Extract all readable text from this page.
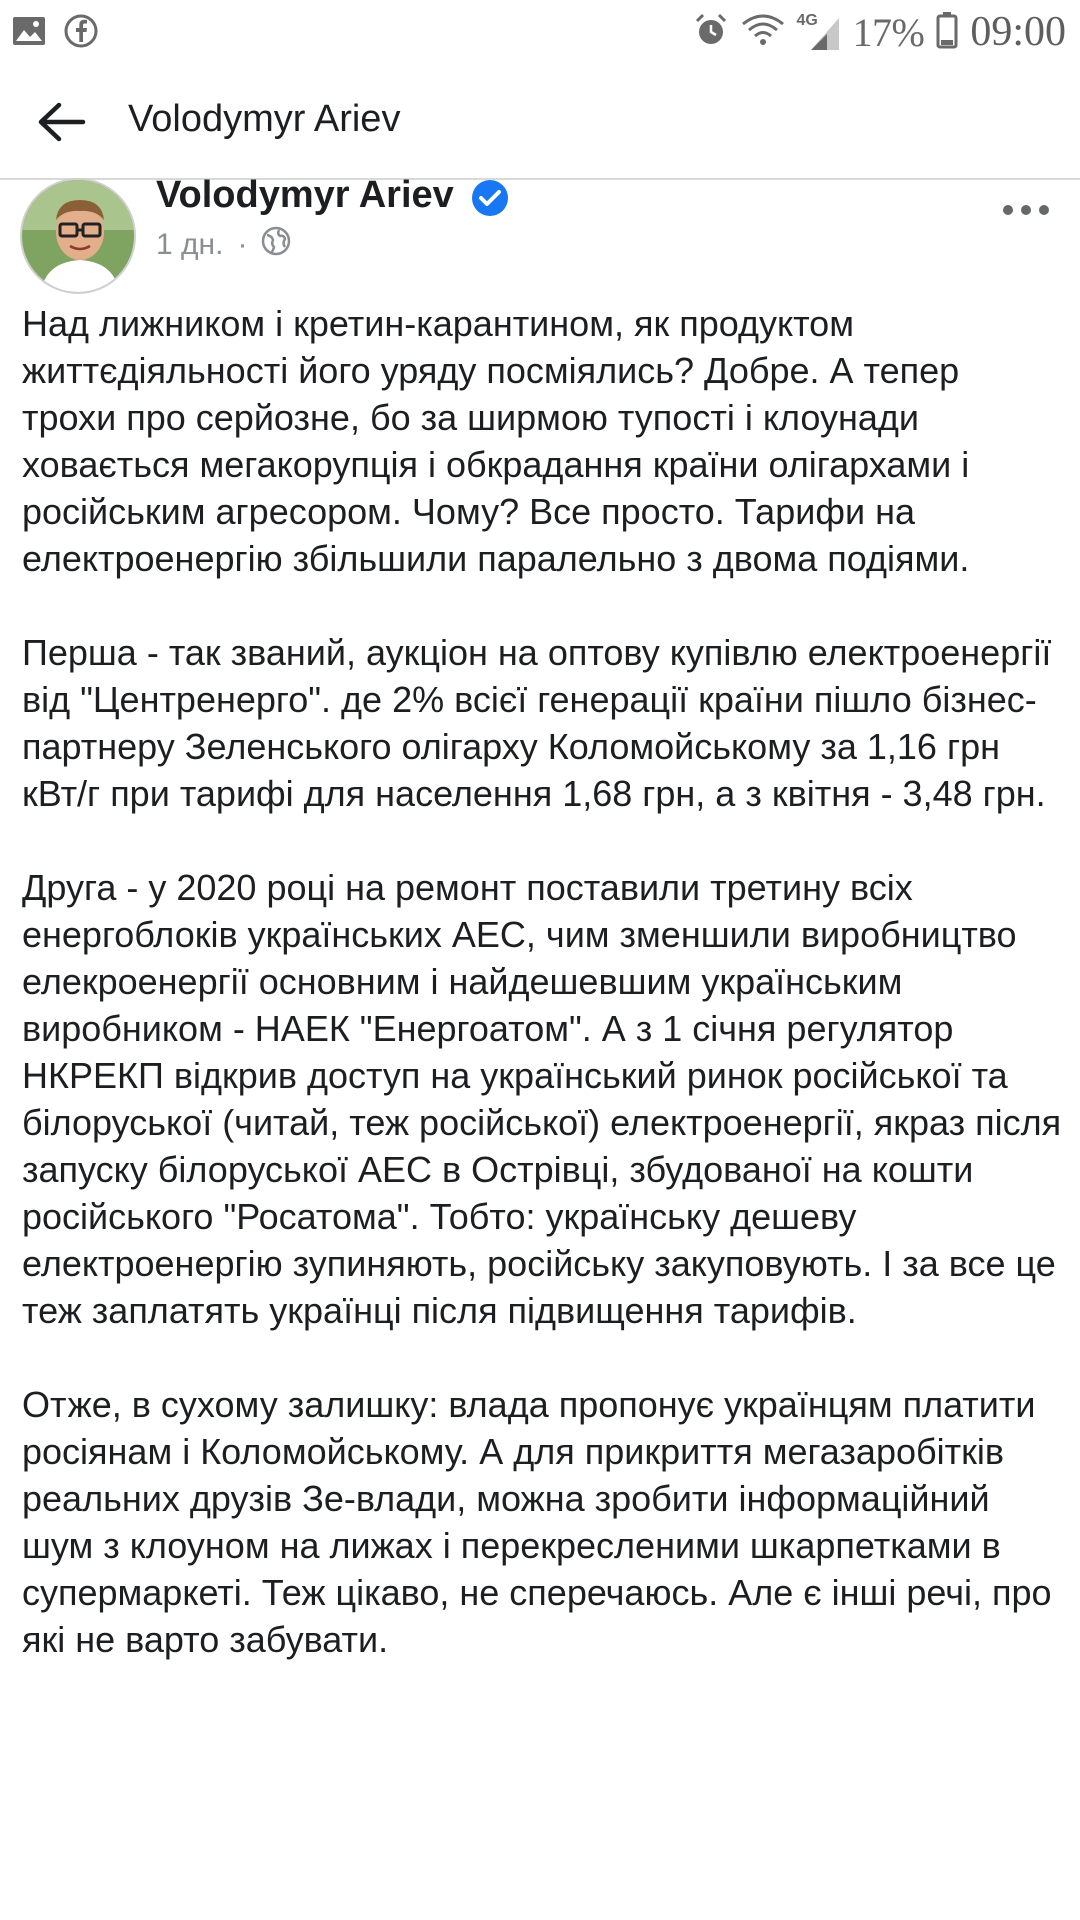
4G 17% 09:00
Volodymyr Ariev
Volodymyr Ariev
1 дн. ·

Над лижником і кретин-карантином, як продуктом життєдіяльності його уряду посміялись? Добре. А тепер трохи про серйозне, бо за ширмою тупості і клоунади ховається мегакорупція і обкрадання країни олігархами і російським агресором. Чому? Все просто. Тарифи на електроенергію збільшили паралельно з двома подіями.

Перша - так званий, аукціон на оптову купівлю електроенергії від "Центренерго". де 2% всієї генерації країни пішло бізнес-партнеру Зеленського олігарху Коломойському за 1,16 грн кВт/г при тарифі для населення 1,68 грн, а з квітня - 3,48 грн.

Друга - у 2020 році на ремонт поставили третину всіх енергоблоків українських АЕС, чим зменшили виробництво елекроенергії основним і найдешевшим українським виробником - НАЕК "Енергоатом". А з 1 січня регулятор НКРЕКП відкрив доступ на український ринок російської та білоруської (читай, теж російської) електроенергії, якраз після запуску білоруської АЕС в Острівці, збудованої на кошти російського "Росатома". Тобто: українську дешеву електроенергію зупиняють, російську закуповують. І за все це теж заплатять українці після підвищення тарифів.

Отже, в сухому залишку: влада пропонує українцям платити росіянам і Коломойському. А для прикриття мегазаробітків реальних друзів Зе-влади, можна зробити інформаційний шум з клоуном на лижах і перекресленими шкарпетками в супермаркеті. Теж цікаво, не сперечаюсь. Але є інші речі, про які не варто забувати.
